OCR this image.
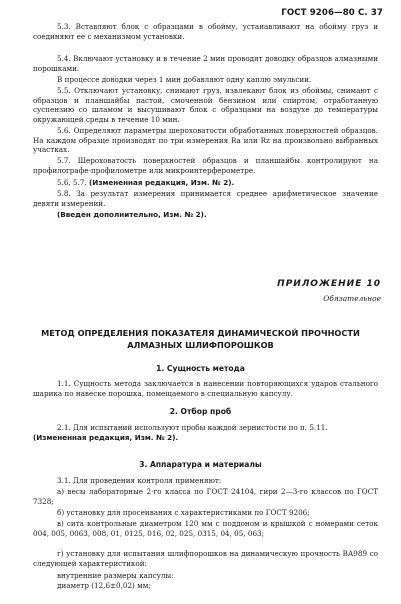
ГОСТ 9206—80 С. 37
5.3. Вставляют блок с образцами в обойму, устанавливают на обойму груз и соединяют ее с механизмом установки.
5.4. Включают установку и в течение 2 мин проводят доводку образцов алмазными порошками.
В процессе доводки через 1 мин добавляют одну каплю эмульсии.
5.5. Отключают установку, снимают груз, извлекают блок из обоймы, снимают с образцов и планшайбы пастой, смоченной бензином или спиртом, отработанную суспензию со шламом и высушивают блок с образцами на воздухе до температуры окружающей среды в течение 10 мин.
5.6. Определяют параметры шероховатости обработанных поверхностей образцов. На каждом образце производят по три измерения Ra или Rz на произвольно выбранных участках.
5.7. Шероховатость поверхностей образцов и планшайбы контролируют на профилографе-профилометре или микроинтерферометре.
5.6, 5.7. (Измененная редакция, Изм. № 2).
5.8. За результат измерения принимается среднее арифметическое значение девяти измерений.
(Введен дополнительно, Изм. № 2).
ПРИЛОЖЕНИЕ 10
Обязательное
МЕТОД ОПРЕДЕЛЕНИЯ ПОКАЗАТЕЛЯ ДИНАМИЧЕСКОЙ ПРОЧНОСТИ
АЛМАЗНЫХ ШЛИФПОРОШКОВ
1. Сущность метода
1.1. Сущность метода заключается в нанесении повторяющихся ударов стального шарика по навеске порошка, помещаемого в специальную капсулу.
2. Отбор проб
2.1. Для испытаний используют пробы каждой зернистости по п. 5.11.
(Измененная редакция, Изм. № 2).
3. Аппаратура и материалы
3.1. Для проведения контроля применяют:
а) весы лабораторные 2-го класса по ГОСТ 24104, гири 2—3-го классов по ГОСТ 7328;
б) установку для просеивания с характеристиками по ГОСТ 9206;
в) сита контрольные диаметром 120 мм с поддоном и крышкой с номерами сеток 004, 005, 0063, 008, 01, 0125, 016, 02, 025, 0315, 04, 05, 063;
г) установку для испытания шлифпорошков на динамическую прочность ВА989 со следующей характеристикой:
внутренние размеры капсулы:
диаметр (12,6±0,02) мм;
